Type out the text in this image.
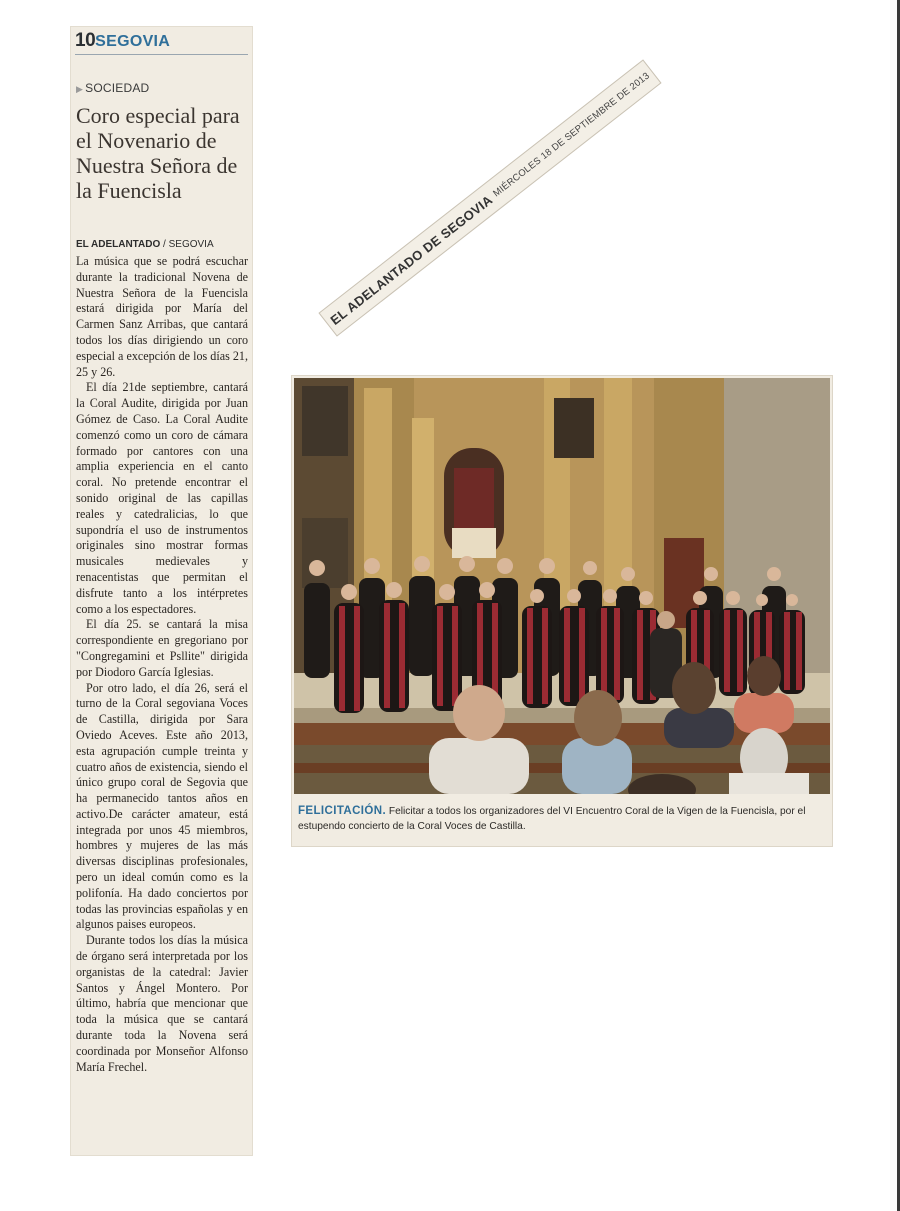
10SEGOVIA
▶ SOCIEDAD
Coro especial para el Novenario de Nuestra Señora de la Fuencisla
EL ADELANTADO / SEGOVIA

La música que se podrá escuchar durante la tradicional Novena de Nuestra Señora de la Fuencisla estará dirigida por María del Carmen Sanz Arribas, que cantará todos los días dirigiendo un coro especial a excepción de los días 21, 25 y 26.

El día 21de septiembre, cantará la Coral Audite, dirigida por Juan Gómez de Caso. La Coral Audite comenzó como un coro de cámara formado por cantores con una amplia experiencia en el canto coral. No pretende encontrar el sonido original de las capillas reales y catedralicias, lo que supondría el uso de instrumentos originales sino mostrar formas musicales medievales y renacentistas que permitan el disfrute tanto a los intérpretes como a los espectadores.

El día 25. se cantará la misa correspondiente en gregoriano por "Congregamini et Psllite" dirigida por Diodoro García Iglesias.

Por otro lado, el día 26, será el turno de la Coral segoviana Voces de Castilla, dirigida por Sara Oviedo Aceves. Este año 2013, esta agrupación cumple treinta y cuatro años de existencia, siendo el único grupo coral de Segovia que ha permanecido tantos años en activo.De carácter amateur, está integrada por unos 45 miembros, hombres y mujeres de las más diversas disciplinas profesionales, pero un ideal común como es la polifonía. Ha dado conciertos por todas las provincias españolas y en algunos paises europeos.

Durante todos los días la música de órgano será interpretada por los organistas de la catedral: Javier Santos y Ángel Montero. Por último, habría que mencionar que toda la música que se cantará durante toda la Novena será coordinada por Monseñor Alfonso María Frechel.

EL ADELANTADO DE SEGOVIA
MIÉRCOLES 18 DE SEPTIEMBRE DE 2013
FELICITACIÓN. Felicitar a todos los organizadores del VI Encuentro Coral de la Vigen de la Fuencisla, por el estupendo concierto de la Coral Voces de Castilla.
